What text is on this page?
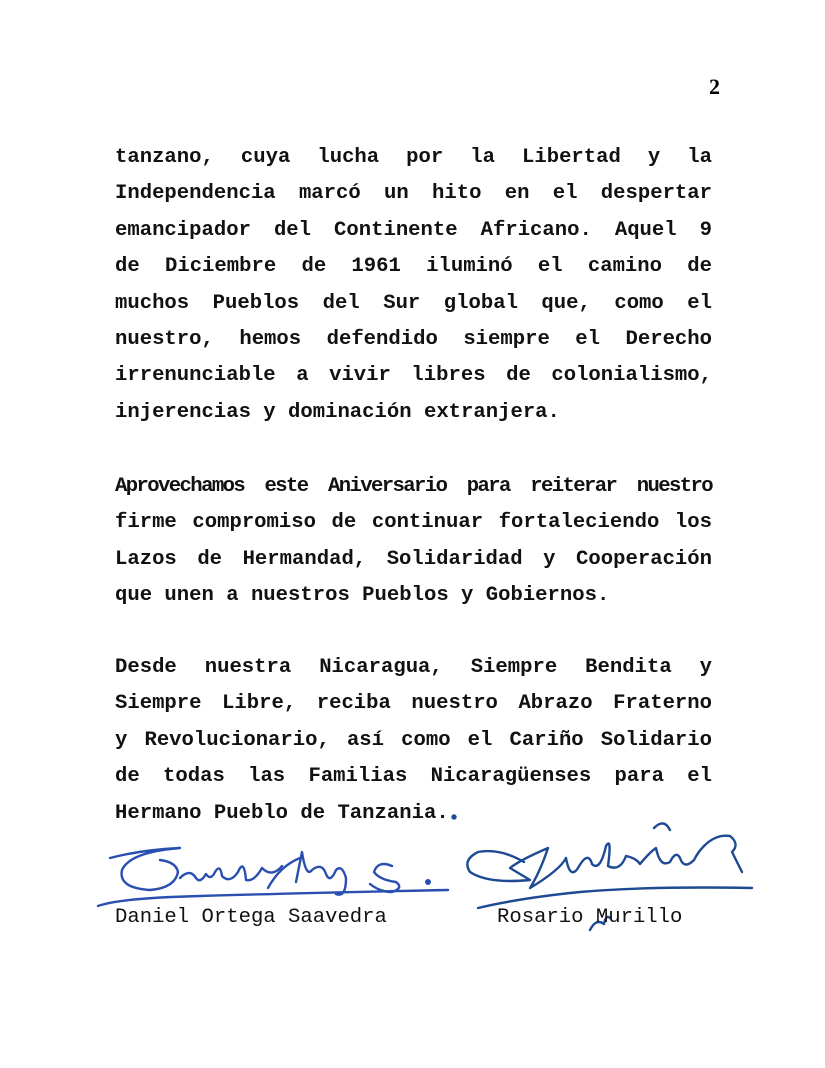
2
tanzano, cuya lucha por la Libertad y la
Independencia marcó un hito en el despertar
emancipador del Continente Africano. Aquel 9
de Diciembre de 1961 iluminó el camino de
muchos Pueblos del Sur global que, como el
nuestro, hemos defendido siempre el Derecho
irrenunciable a vivir libres de colonialismo,
injerencias y dominación extranjera.
Aprovechamos este Aniversario para reiterar nuestro
firme compromiso de continuar fortaleciendo los
Lazos de Hermandad, Solidaridad y Cooperación
que unen a nuestros Pueblos y Gobiernos.
Desde nuestra Nicaragua, Siempre Bendita y
Siempre Libre, reciba nuestro Abrazo Fraterno
y Revolucionario, así como el Cariño Solidario
de todas las Familias Nicaragüenses para el
Hermano Pueblo de Tanzania.
Daniel Ortega Saavedra	Rosario Murillo
